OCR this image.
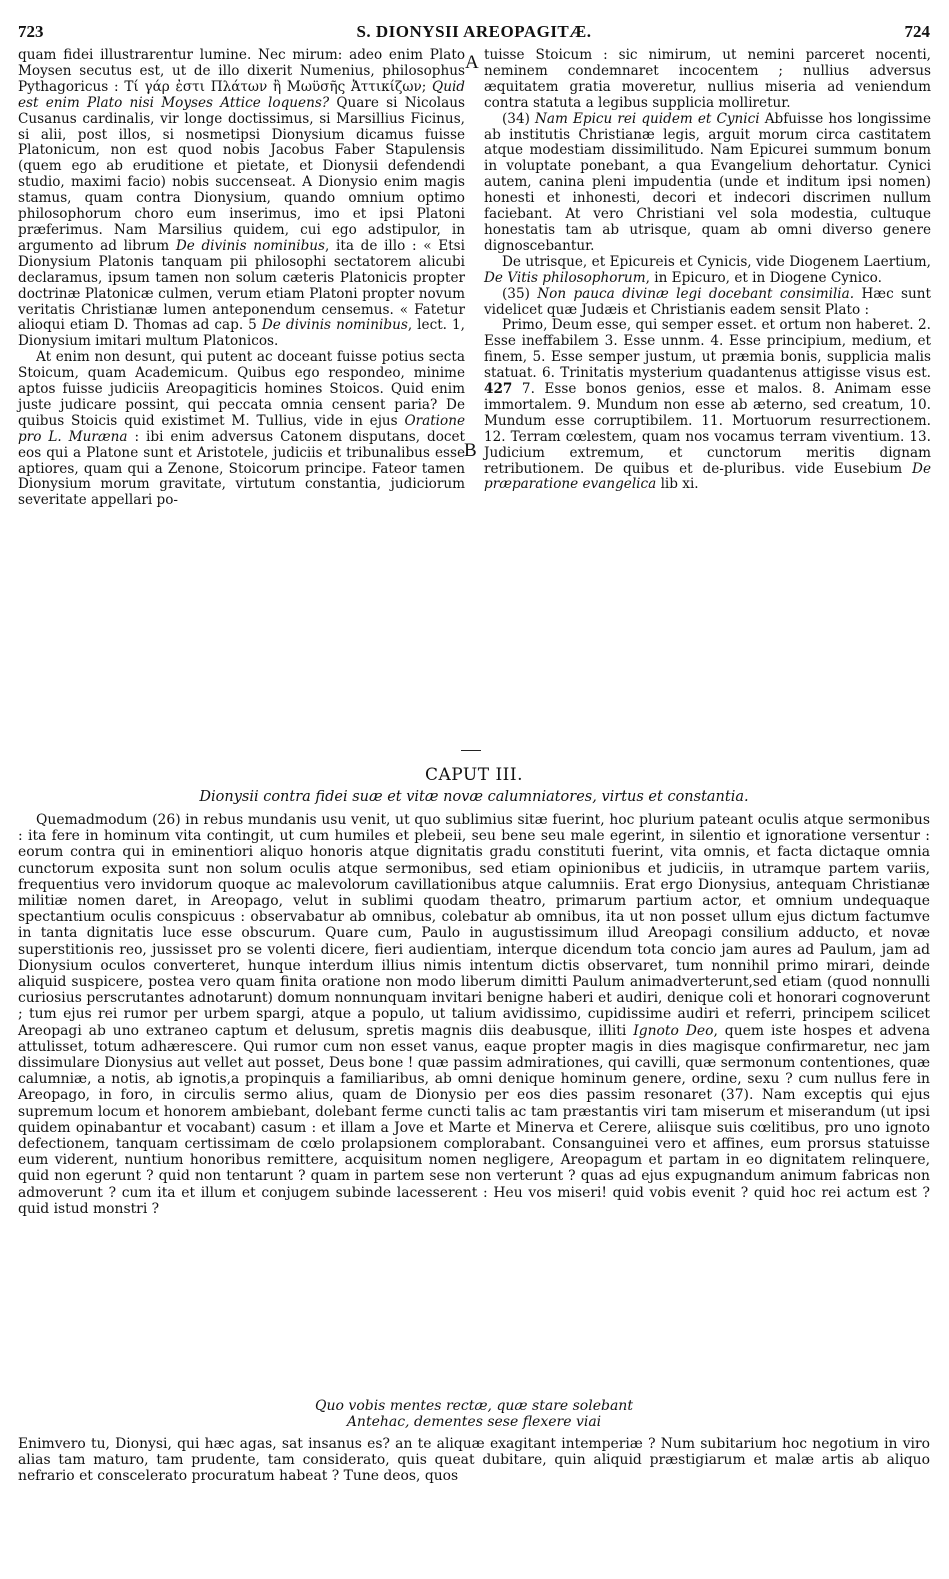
723	S. DIONYSII AREOPAGITÆ.	724
A
B

quam fidei illustrarentur lumine. Nec mirum: adeo enim Plato Moysen secutus est, ut de illo dixerit Numenius, philosophus Pythagoricus : Τί γάρ ἐστι Πλάτων ἢ Μωϋσῆς Ἀττικίζων; Quid est enim Plato nisi Moyses Attice loquens? Quare si Nicolaus Cusanus cardinalis, vir longe doctissimus, si Marsillius Ficinus, si alii, post illos, si nosmetipsi Dionysium dicamus fuisse Platonicum, non est quod nobis Jacobus Faber Stapulensis (quem ego ab eruditione et pietate, et Dionysii defendendi studio, maximi facio) nobis succenseat. A Dionysio enim magis stamus, quam contra Dionysium, quando omnium optimo philosophorum choro eum inserimus, imo et ipsi Platoni præferimus. Nam Marsilius quidem, cui ego adstipulor, in argumento ad librum De divinis nominibus, ita de illo : « Etsi Dionysium Platonis tanquam pii philosophi sectatorem alicubi declaramus, ipsum tamen non solum cæteris Platonicis propter doctrinæ Platonicæ culmen, verum etiam Platoni propter novum veritatis Christianæ lumen anteponendum censemus. « Fatetur alioqui etiam D. Thomas ad cap. 5 De divinis nominibus, lect. 1, Dionysium imitari multum Platonicos.

At enim non desunt, qui putent ac doceant fuisse potius secta Stoicum, quam Academicum. Quibus ego respondeo, minime aptos fuisse judiciis Areopagiticis homines Stoicos. Quid enim juste judicare possint, qui peccata omnia censent paria? De quibus Stoicis quid existimet M. Tullius, vide in ejus Oratione pro L. Muræna : ibi enim adversus Catonem disputans, docet eos qui a Platone sunt et Aristotele, judiciis et tribunalibus esse aptiores, quam qui a Zenone, Stoicorum principe. Fateor tamen Dionysium morum gravitate, virtutum constantia, judiciorum severitate appellari po-

tuisse Stoicum : sic nimirum, ut nemini parceret nocenti, neminem condemnaret incocentem ; nullius adversus æquitatem gratia moveretur, nullius miseria ad veniendum contra statuta a legibus supplicia molliretur.

(34) Nam Epicu rei quidem et Cynici Abfuisse hos longissime ab institutis Christianæ legis, arguit morum circa castitatem atque modestiam dissimilitudo. Nam Epicurei summum bonum in voluptate ponebant, a qua Evangelium dehortatur. Cynici autem, canina pleni impudentia (unde et inditum ipsi nomen) honesti et inhonesti, decori et indecori discrimen nullum faciebant. At vero Christiani vel sola modestia, cultuque honestatis tam ab utrisque, quam ab omni diverso genere dignoscebantur.

De utrisque, et Epicureis et Cynicis, vide Diogenem Laertium, De Vitis philosophorum, in Epicuro, et in Diogene Cynico.

(35) Non pauca divinæ legi docebant consimilia. Hæc sunt videlicet quæ Judæis et Christianis eadem sensit Plato :

Primo, Deum esse, qui semper esset. et ortum non haberet. 2. Esse ineffabilem 3. Esse unnm. 4. Esse principium, medium, et finem, 5. Esse semper justum, ut præmia bonis, supplicia malis statuat. 6. Trinitatis mysterium quadantenus attigisse visus est. 427 7. Esse bonos genios, esse et malos. 8. Animam esse immortalem. 9. Mundum non esse ab æterno, sed creatum, 10. Mundum esse corruptibilem. 11. Mortuorum resurrectionem. 12. Terram cœlestem, quam nos vocamus terram viventium. 13. Judicium extremum, et cunctorum meritis dignam retributionem. De quibus et de-pluribus. vide Eusebium De præparatione evangelica lib xi.

CAPUT III.
Dionysii contra fidei suæ et vitæ novæ calumniatores, virtus et constantia.

Quemadmodum (26) in rebus mundanis usu venit, ut quo sublimius sitæ fuerint, hoc plurium pateant oculis atque sermonibus : ita fere in hominum vita contingit, ut cum humiles et plebeii, seu bene seu male egerint, in silentio et ignoratione versentur : eorum contra qui in eminentiori aliquo honoris atque dignitatis gradu constituti fuerint, vita omnis, et facta dictaque omnia cunctorum exposita sunt non solum oculis atque sermonibus, sed etiam opinionibus et judiciis, in utramque partem variis, frequentius vero invidorum quoque ac malevolorum cavillationibus atque calumniis. Erat ergo Dionysius, antequam Christianæ militiæ nomen daret, in Areopago, velut in sublimi quodam theatro, primarum partium actor, et omnium undequaque spectantium oculis conspicuus : observabatur ab omnibus, colebatur ab omnibus, ita ut non posset ullum ejus dictum factumve in tanta dignitatis luce esse obscurum. Quare cum, Paulo in augustissimum illud Areopagi consilium adducto, et novæ superstitionis reo, jussisset pro se volenti dicere, fieri audientiam, interque dicendum tota concio jam aures ad Paulum, jam ad Dionysium oculos converteret, hunque interdum illius nimis intentum dictis observaret, tum nonnihil primo mirari, deinde aliquid suspicere, postea vero quam finita oratione non modo liberum dimitti Paulum animadverterunt,sed etiam (quod nonnulli curiosius perscrutantes adnotarunt) domum nonnunquam invitari benigne haberi et audiri, denique coli et honorari cognoverunt ; tum ejus rei rumor per urbem spargi, atque a populo, ut talium avidissimo, cupidissime audiri et referri, principem scilicet Areopagi ab uno extraneo captum et delusum, spretis magnis diis deabusque, illiti Ignoto Deo, quem iste hospes et advena attulisset, totum adhærescere. Qui rumor cum non esset vanus, eaque propter magis in dies magisque confirmaretur, nec jam dissimulare Dionysius aut vellet aut posset, Deus bone ! quæ passim admirationes, qui cavilli, quæ sermonum contentiones, quæ calumniæ, a notis, ab ignotis,a propinquis a familiaribus, ab omni denique hominum genere, ordine, sexu ? cum nullus fere in Areopago, in foro, in circulis sermo alius, quam de Dionysio per eos dies passim resonaret (37). Nam exceptis qui ejus supremum locum et honorem ambiebant, dolebant ferme cuncti talis ac tam præstantis viri tam miserum et miserandum (ut ipsi quidem opinabantur et vocabant) casum : et illam a Jove et Marte et Minerva et Cerere, aliisque suis cœlitibus, pro uno ignoto defectionem, tanquam certissimam de cœlo prolapsionem complorabant. Consanguinei vero et affines, eum prorsus statuisse eum viderent, nuntium honoribus remittere, acquisitum nomen negligere, Areopagum et partam in eo dignitatem relinquere, quid non egerunt ? quid non tentarunt ? quam in partem sese non verterunt ? quas ad ejus expugnandum animum fabricas non admoverunt ? cum ita et illum et conjugem subinde lacesserent : Heu vos miseri! quid vobis evenit ? quid hoc rei actum est ? quid istud monstri ?

Quo vobis mentes rectæ, quæ stare solebant
Antehac, dementes sese flexere viai

Enimvero tu, Dionysi, qui hæc agas, sat insanus es? an te aliquæ exagitant intemperiæ ? Num subitarium hoc negotium in viro alias tam maturo, tam prudente, tam considerato, quis queat dubitare, quin aliquid præstigiarum et malæ artis ab aliquo nefrario et conscelerato procuratum habeat ? Tune deos, quos
